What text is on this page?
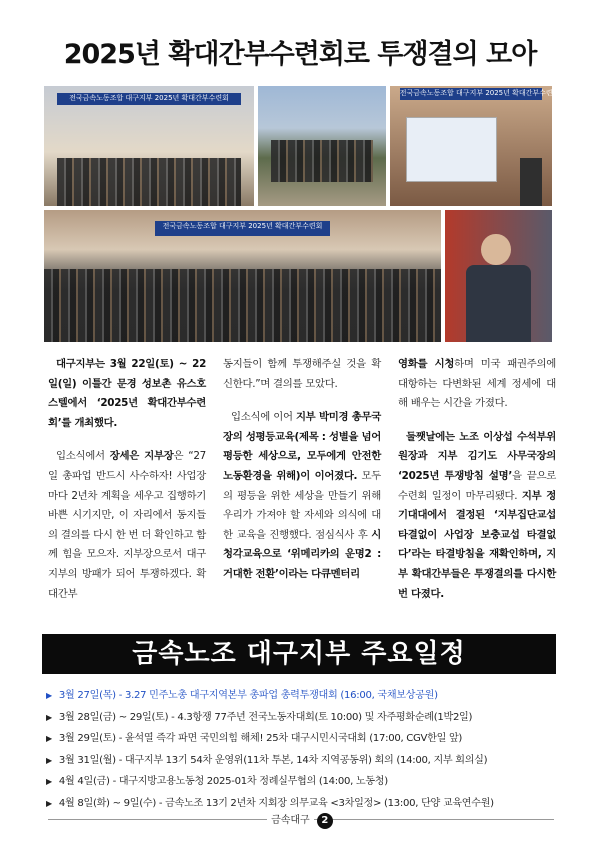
2025년 확대간부수련회로 투쟁결의 모아
전국금속노동조합 대구지부 2025년 확대간부수련회
전국금속노동조합 대구지부 2025년 확대간부수련회
전국금속노동조합 대구지부 2025년 확대간부수련회

대구지부는 3월 22일(토) ~ 22일(일) 이틀간 문경 성보촌 유스호스텔에서 ‘2025년 확대간부수련회’를 개최했다.

입소식에서 장세은 지부장은 “27일 총파업 반드시 사수하자! 사업장마다 2년차 계획을 세우고 집행하기 바쁜 시기지만, 이 자리에서 동지들의 결의를 다시 한 번 더 확인하고 함께 힘을 모으자. 지부장으로서 대구지부의 방패가 되어 투쟁하겠다. 확대간부

동지들이 함께 투쟁해주실 것을 확신한다.”며 결의를 모았다.

입소식에 이어 지부 박미경 총무국장의 성평등교육(제목 : 성별을 넘어 평등한 세상으로, 모두에게 안전한 노동환경을 위해)이 이어졌다. 모두의 평등을 위한 세상을 만들기 위해 우리가 가져야 할 자세와 의식에 대한 교육을 진행했다. 점심식사 후 시청각교육으로 ‘위메리카의 운명2 : 거대한 전환’이라는 다큐멘터리

영화를 시청하며 미국 패권주의에 대항하는 다변화된 세계 정세에 대해 배우는 시간을 가졌다.

둘쨋날에는 노조 이상섭 수석부위원장과 지부 김기도 사무국장의 ‘2025년 투쟁방침 설명’을 끝으로 수련회 일정이 마무리됐다. 지부 정기대대에서 결정된 ‘지부집단교섭 타결없이 사업장 보충교섭 타결없다’라는 타결방침을 재확인하며, 지부 확대간부들은 투쟁결의를 다시한번 다졌다.

금속노조 대구지부 주요일정
▶ 3월 27일(목) - 3.27 민주노총 대구지역본부 총파업 총력투쟁대회 (16:00, 국채보상공원)
▶ 3월 28일(금) ~ 29일(토) - 4.3항쟁 77주년 전국노동자대회(토 10:00) 및 자주평화순례(1박2일)
▶ 3월 29일(토) - 윤석열 즉각 파면 국민의힘 해체! 25차 대구시민시국대회 (17:00, CGV한일 앞)
▶ 3월 31일(월) - 대구지부 13기 54차 운영위(11차 투본, 14차 지역공동위) 회의 (14:00, 지부 회의실)
▶ 4월 4일(금) - 대구지방고용노동청 2025-01차 정례실무협의 (14:00, 노동청)
▶ 4월 8일(화) ~ 9일(수) - 금속노조 13기 2년차 지회장 의무교육 <3차일정> (13:00, 단양 교육연수원)
금속대구 2
